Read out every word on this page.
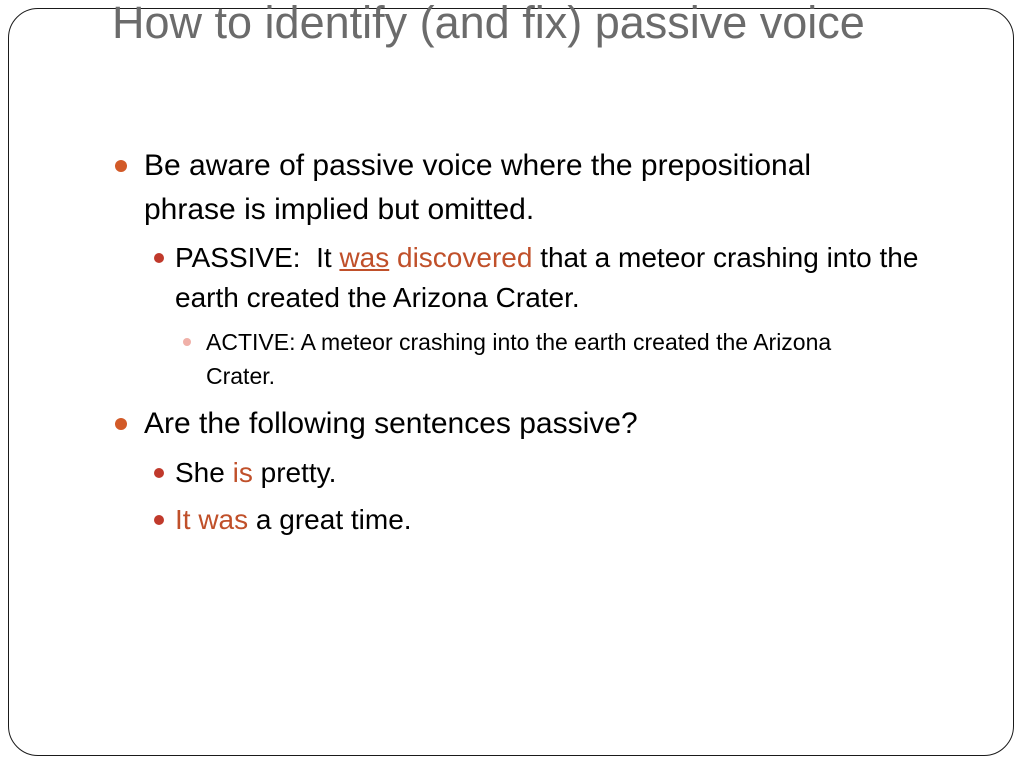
How to identify (and fix) passive voice

Be aware of passive voice where the prepositional phrase is implied but omitted.

PASSIVE:  It was discovered that a meteor crashing into the earth created the Arizona Crater.

ACTIVE: A meteor crashing into the earth created the Arizona Crater.

Are the following sentences passive?

She is pretty.

It was a great time.
